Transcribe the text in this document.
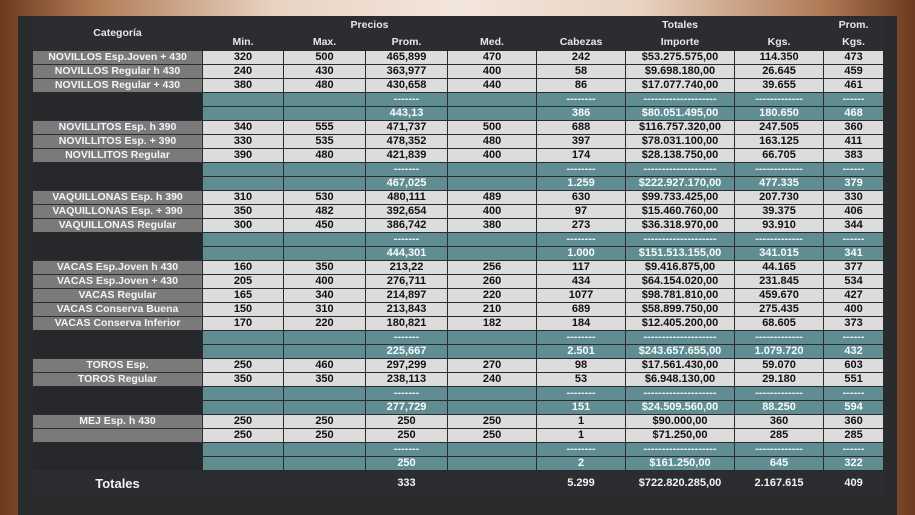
Categoría	Precios				Totales			Prom.
	Min.	Max.	Prom.	Med.	Cabezas	Importe	Kgs.	Kgs.
NOVILLOS Esp.Joven + 430	320	500	465,899	470	242	$53.275.575,00	114.350	473
NOVILLOS Regular h 430	240	430	363,977	400	58	$9.698.180,00	26.645	459
NOVILLOS Regular + 430	380	480	430,658	440	86	$17.077.740,00	39.655	461
			-------		--------	--------------------	-------------	------
			443,13		386	$80.051.495,00	180.650	468
NOVILLITOS Esp. h 390	340	555	471,737	500	688	$116.757.320,00	247.505	360
NOVILLITOS Esp. + 390	330	535	478,352	480	397	$78.031.100,00	163.125	411
NOVILLITOS Regular	390	480	421,839	400	174	$28.138.750,00	66.705	383
			-------		--------	--------------------	-------------	------
			467,025		1.259	$222.927.170,00	477.335	379
VAQUILLONAS Esp. h 390	310	530	480,111	489	630	$99.733.425,00	207.730	330
VAQUILLONAS Esp. + 390	350	482	392,654	400	97	$15.460.760,00	39.375	406
VAQUILLONAS Regular	300	450	386,742	380	273	$36.318.970,00	93.910	344
			-------		--------	--------------------	-------------	------
			444,301		1.000	$151.513.155,00	341.015	341
VACAS Esp.Joven h 430	160	350	213,22	256	117	$9.416.875,00	44.165	377
VACAS Esp.Joven + 430	205	400	276,711	260	434	$64.154.020,00	231.845	534
VACAS Regular	165	340	214,897	220	1077	$98.781.810,00	459.670	427
VACAS Conserva Buena	150	310	213,843	210	689	$58.899.750,00	275.435	400
VACAS Conserva Inferior	170	220	180,821	182	184	$12.405.200,00	68.605	373
			-------		--------	--------------------	-------------	------
			225,667		2.501	$243.657.655,00	1.079.720	432
TOROS Esp.	250	460	297,299	270	98	$17.561.430,00	59.070	603
TOROS Regular	350	350	238,113	240	53	$6.948.130,00	29.180	551
			-------		--------	--------------------	-------------	------
			277,729		151	$24.509.560,00	88.250	594
MEJ Esp. h 430	250	250	250	250	1	$90.000,00	360	360
	250	250	250	250	1	$71.250,00	285	285
			-------		--------	--------------------	-------------	------
			250		2	$161.250,00	645	322
Totales			333		5.299	$722.820.285,00	2.167.615	409
